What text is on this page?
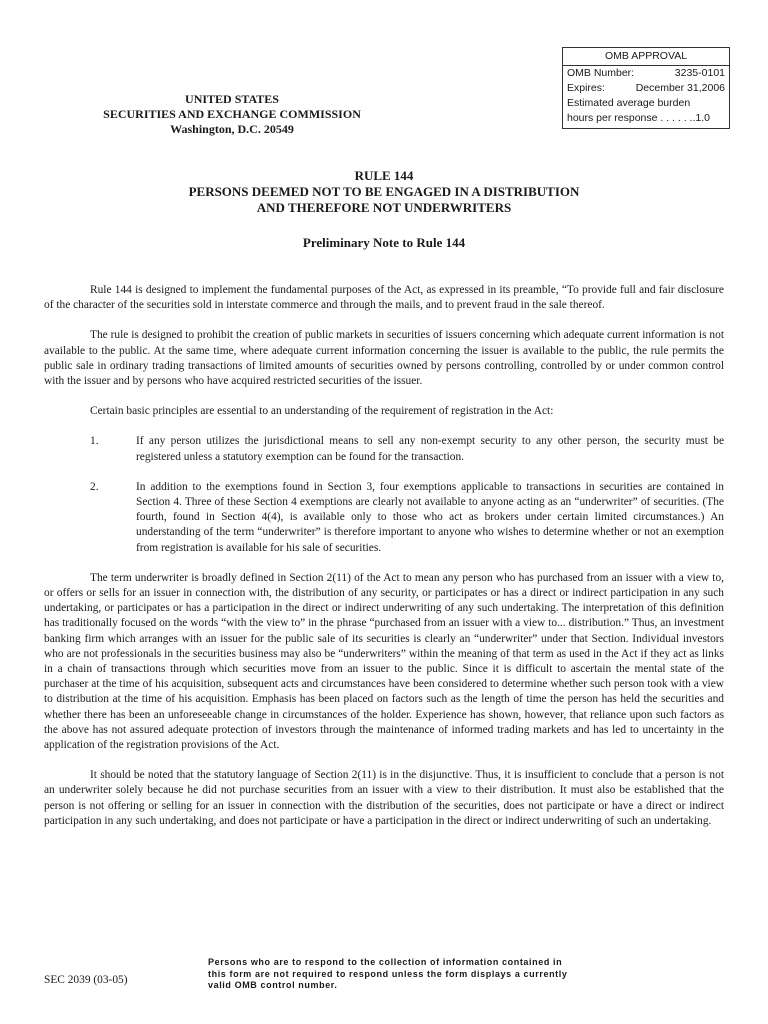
OMB APPROVAL
OMB Number:	3235-0101
Expires:	December 31,2006
Estimated average burden
hours per response . . . . . ..1.0
UNITED STATES
SECURITIES AND EXCHANGE COMMISSION
Washington, D.C. 20549
RULE 144
PERSONS DEEMED NOT TO BE ENGAGED IN A DISTRIBUTION
AND THEREFORE NOT UNDERWRITERS
Preliminary Note to Rule 144

Rule 144 is designed to implement the fundamental purposes of the Act, as expressed in its preamble, “To provide full and fair disclosure of the character of the securities sold in interstate commerce and through the mails, and to prevent fraud in the sale thereof.

The rule is designed to prohibit the creation of public markets in securities of issuers concerning which adequate current information is not available to the public. At the same time, where adequate current information concerning the issuer is available to the public, the rule permits the public sale in ordinary trading transactions of limited amounts of securities owned by persons controlling, controlled by or under common control with the issuer and by persons who have acquired restricted securities of the issuer.

Certain basic principles are essential to an understanding of the requirement of registration in the Act:

1.	If any person utilizes the jurisdictional means to sell any non-exempt security to any other person, the security must be registered unless a statutory exemption can be found for the transaction.
2.	In addition to the exemptions found in Section 3, four exemptions applicable to transactions in securities are contained in Section 4. Three of these Section 4 exemptions are clearly not available to anyone acting as an “underwriter” of securities. (The fourth, found in Section 4(4), is available only to those who act as brokers under certain limited circumstances.) An understanding of the term “underwriter” is therefore important to anyone who wishes to determine whether or not an exemption from registration is available for his sale of securities.

The term underwriter is broadly defined in Section 2(11) of the Act to mean any person who has purchased from an issuer with a view to, or offers or sells for an issuer in connection with, the distribution of any security, or participates or has a direct or indirect participation in any such undertaking, or participates or has a participation in the direct or indirect underwriting of any such undertaking. The interpretation of this definition has traditionally focused on the words “with the view to” in the phrase “purchased from an issuer with a view to... distribution.” Thus, an investment banking firm which arranges with an issuer for the public sale of its securities is clearly an “underwriter” under that Section. Individual investors who are not professionals in the securities business may also be “underwriters” within the meaning of that term as used in the Act if they act as links in a chain of transactions through which securities move from an issuer to the public. Since it is difficult to ascertain the mental state of the purchaser at the time of his acquisition, subsequent acts and circumstances have been considered to determine whether such person took with a view to distribution at the time of his acquisition. Emphasis has been placed on factors such as the length of time the person has held the securities and whether there has been an unforeseeable change in circumstances of the holder. Experience has shown, however, that reliance upon such factors as the above has not assured adequate protection of investors through the maintenance of informed trading markets and has led to uncertainty in the application of the registration provisions of the Act.

It should be noted that the statutory language of Section 2(11) is in the disjunctive. Thus, it is insufficient to conclude that a person is not an underwriter solely because he did not purchase securities from an issuer with a view to their distribution. It must also be established that the person is not offering or selling for an issuer in connection with the distribution of the securities, does not participate or have a direct or indirect participation in any such undertaking, and does not participate or have a participation in the direct or indirect underwriting of such an undertaking.

SEC 2039 (03-05)
Persons who are to respond to the collection of information contained in this form are not required to respond unless the form displays a currently valid OMB control number.
